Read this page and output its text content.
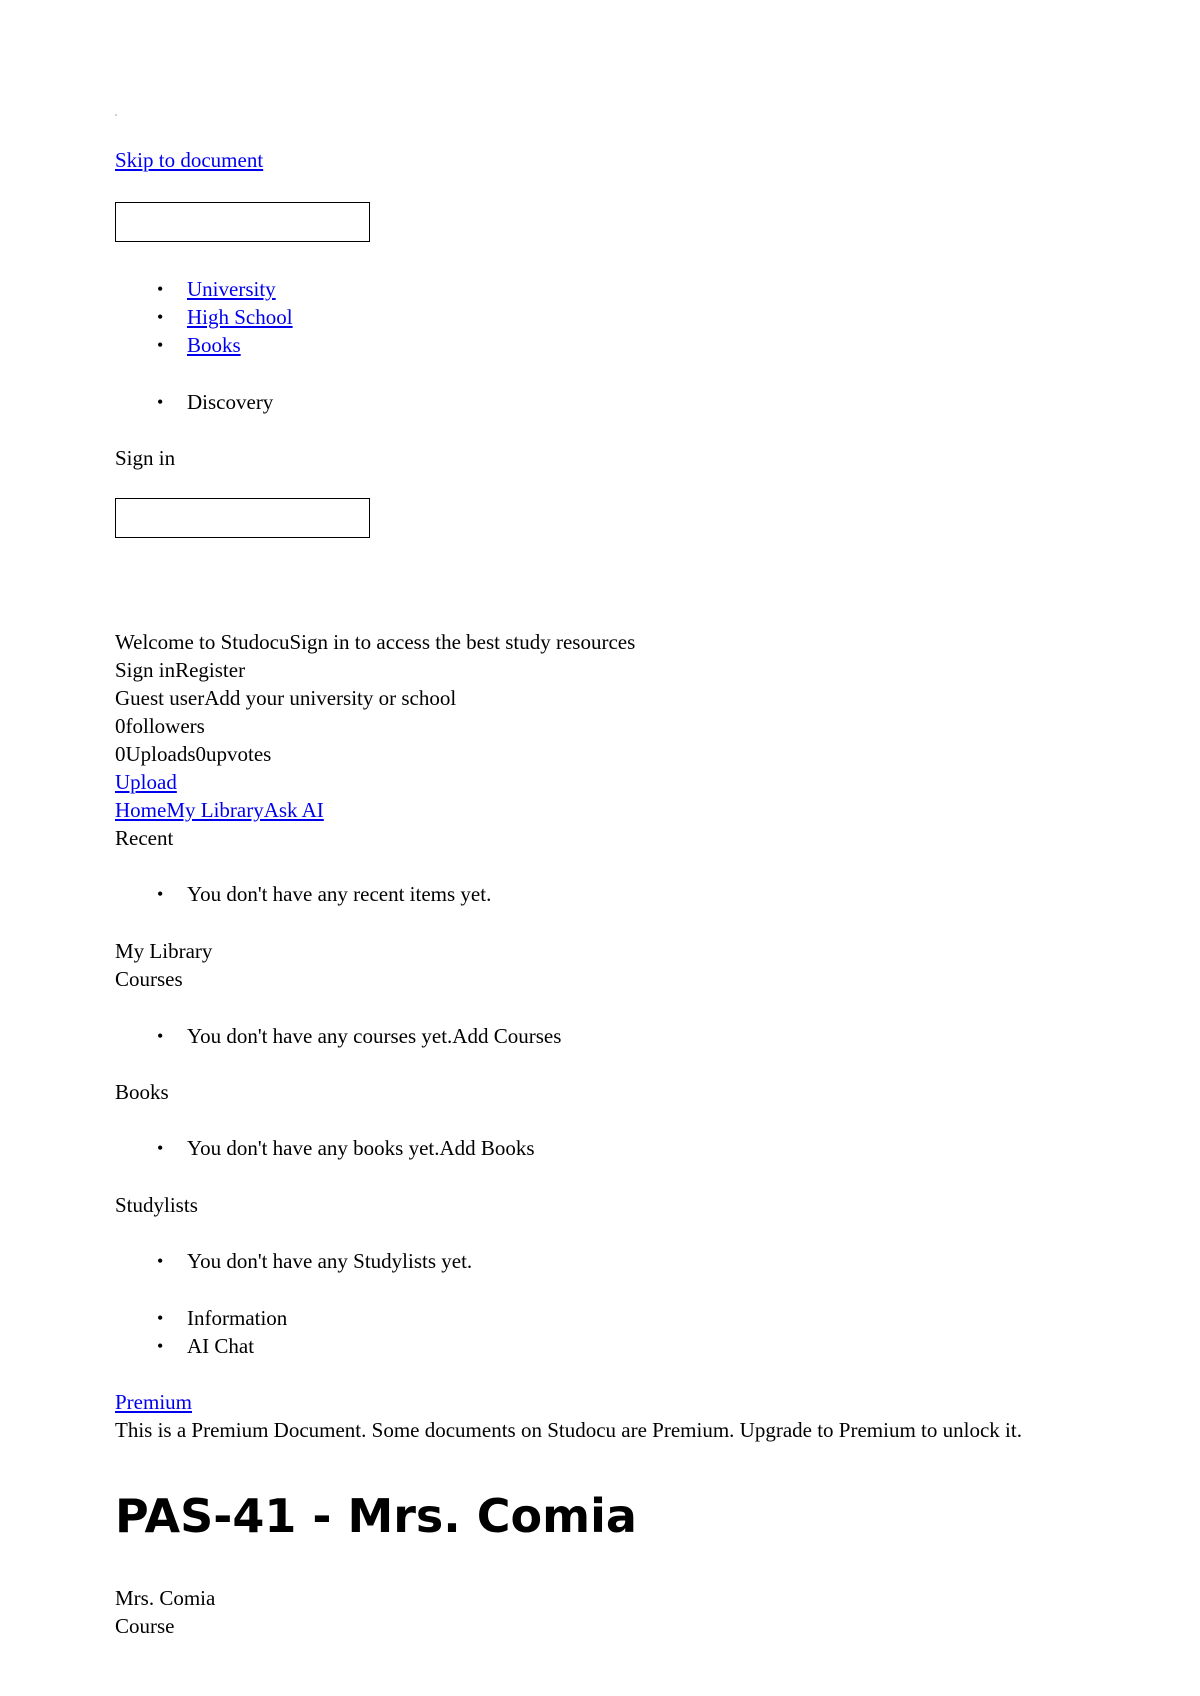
Skip to document
• University
• High School
• Books
• Discovery
Sign in
Welcome to StudocuSign in to access the best study resources
Sign inRegister
Guest userAdd your university or school
0followers
0Uploads0upvotes
Upload
HomeMy LibraryAsk AI
Recent
• You don't have any recent items yet.
My Library
Courses
• You don't have any courses yet.Add Courses
Books
• You don't have any books yet.Add Books
Studylists
• You don't have any Studylists yet.
• Information
• AI Chat
Premium
This is a Premium Document. Some documents on Studocu are Premium. Upgrade to Premium to unlock it.
PAS-41 - Mrs. Comia
Mrs. Comia
Course
